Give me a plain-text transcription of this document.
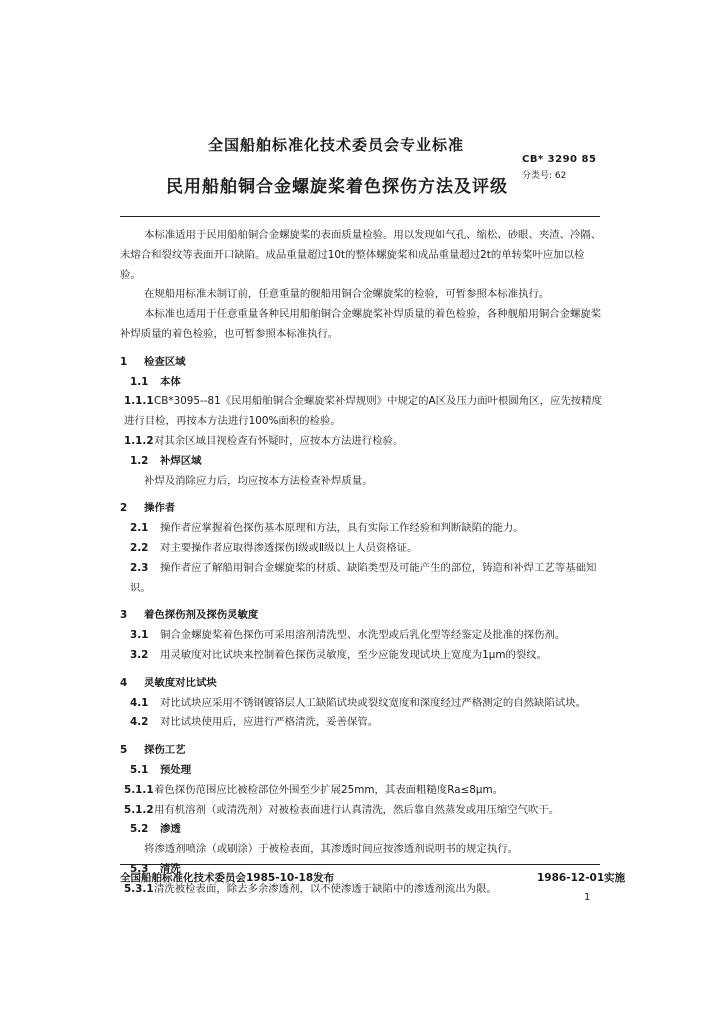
全国船舶标准化技术委员会专业标准
CB* 3290 85
分类号: 62
民用船舶铜合金螺旋桨着色探伤方法及评级

本标准适用于民用船舶铜合金螺旋桨的表面质量检验。用以发现如气孔、缩松、砂眼、夹渣、冷隔、未熔合和裂纹等表面开口缺陷。成品重量超过10t的整体螺旋桨和成品重量超过2t的单转桨叶应加以检验。

在规船用标准未制订前，任意重量的舰船用铜合金螺旋桨的检验，可暂参照本标准执行。

本标准也适用于任意重量各种民用船舶铜合金螺旋桨补焊质量的着色检验，各种舰船用铜合金螺旋桨补焊质量的着色检验，也可暂参照本标准执行。

1 检查区域

1.1 本体

1.1.1CB*3095--81《民用船舶铜合金螺旋桨补焊规则》中规定的A区及压力面叶根圆角区，应先按精度进行目检，再按本方法进行100%面积的检验。

1.1.2对其余区域目视检查有怀疑时，应按本方法进行检验。

1.2 补焊区域

补焊及消除应力后，均应按本方法检查补焊质量。

2 操作者

2.1 操作者应掌握着色探伤基本原理和方法，具有实际工作经验和判断缺陷的能力。

2.2 对主要操作者应取得渗透探伤Ⅰ级或Ⅱ级以上人员资格证。

2.3 操作者应了解船用铜合金螺旋桨的材质、缺陷类型及可能产生的部位，铸造和补焊工艺等基础知识。

3 着色探伤剂及探伤灵敏度

3.1 铜合金螺旋桨着色探伤可采用溶剂清洗型、水洗型或后乳化型等经鉴定及批准的探伤剂。

3.2 用灵敏度对比试块来控制着色探伤灵敏度，至少应能发现试块上宽度为1μm的裂纹。

4 灵敏度对比试块

4.1 对比试块应采用不锈钢镀铬层人工缺陷试块或裂纹宽度和深度经过严格测定的自然缺陷试块。

4.2 对比试块使用后，应进行严格清洗，妥善保管。

5 探伤工艺

5.1 预处理

5.1.1着色探伤范围应比被检部位外围至少扩展25mm，其表面粗糙度Ra≤8μm。

5.1.2用有机溶剂（或清洗剂）对被检表面进行认真清洗，然后靠自然蒸发或用压缩空气吹干。

5.2 渗透

将渗透剂喷涂（或刷涂）于被检表面，其渗透时间应按渗透剂说明书的规定执行。

5.3 清洗

5.3.1清洗被检表面，除去多余渗透剂，以不使渗透于缺陷中的渗透剂流出为限。

全国船舶标准化技术委员会1985-10-18发布	1986-12-01实施
1
